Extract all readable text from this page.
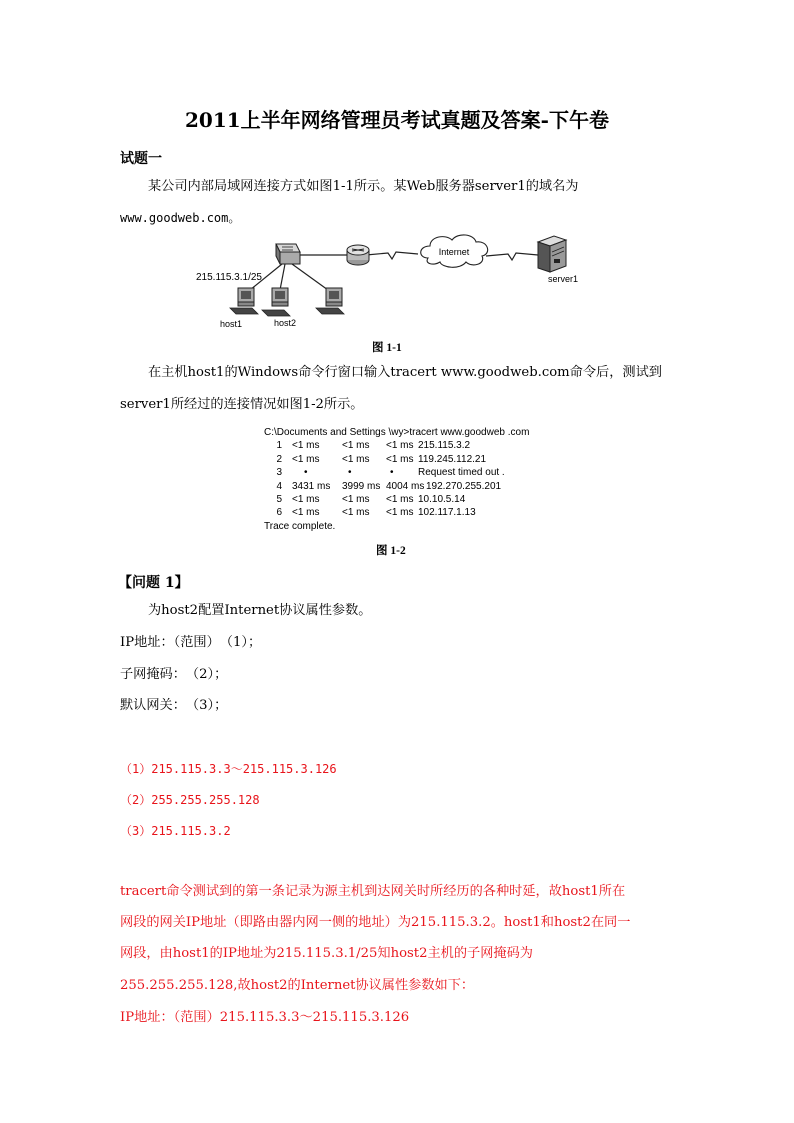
2011上半年网络管理员考试真题及答案-下午卷
试题一
某公司内部局域网连接方式如图1-1所示。某Web服务器server1的域名为
www.goodweb.com。
Internet
server1
215.115.3.1/25
host1	host2
图 1-1
在主机host1的Windows命令行窗口输入tracert www.goodweb.com命令后，测试到
server1所经过的连接情况如图1-2所示。
C:\Documents and Settings \wy>tracert www.goodweb .com
1	<1 ms	<1 ms	<1 ms 215.115.3.2
2	<1 ms	<1 ms	<1 ms 119.245.112.21
3	•	•	•	Request timed out .
4	3431 ms	3999 ms 4004 ms 192.270.255.201
5	<1 ms	<1 ms	<1 ms 10.10.5.14
6	<1 ms	<1 ms	<1 ms 102.117.1.13
Trace complete.
图 1-2
【问题 1】
为host2配置Internet协议属性参数。
IP地址：（范围）　（1）；
子网掩码：　（2）；
默认网关：　（3）；
（1）215.115.3.3～215.115.3.126
（2）255.255.255.128
（3）215.115.3.2
tracert命令测试到的第一条记录为源主机到达网关时所经历的各种时延，故host1所在
网段的网关IP地址（即路由器内网一侧的地址）为215.115.3.2。host1和host2在同一
网段，由host1的IP地址为215.115.3.1/25知host2主机的子网掩码为
255.255.255.128,故host2的Internet协议属性参数如下：
IP地址：（范围）215.115.3.3～215.115.3.126
